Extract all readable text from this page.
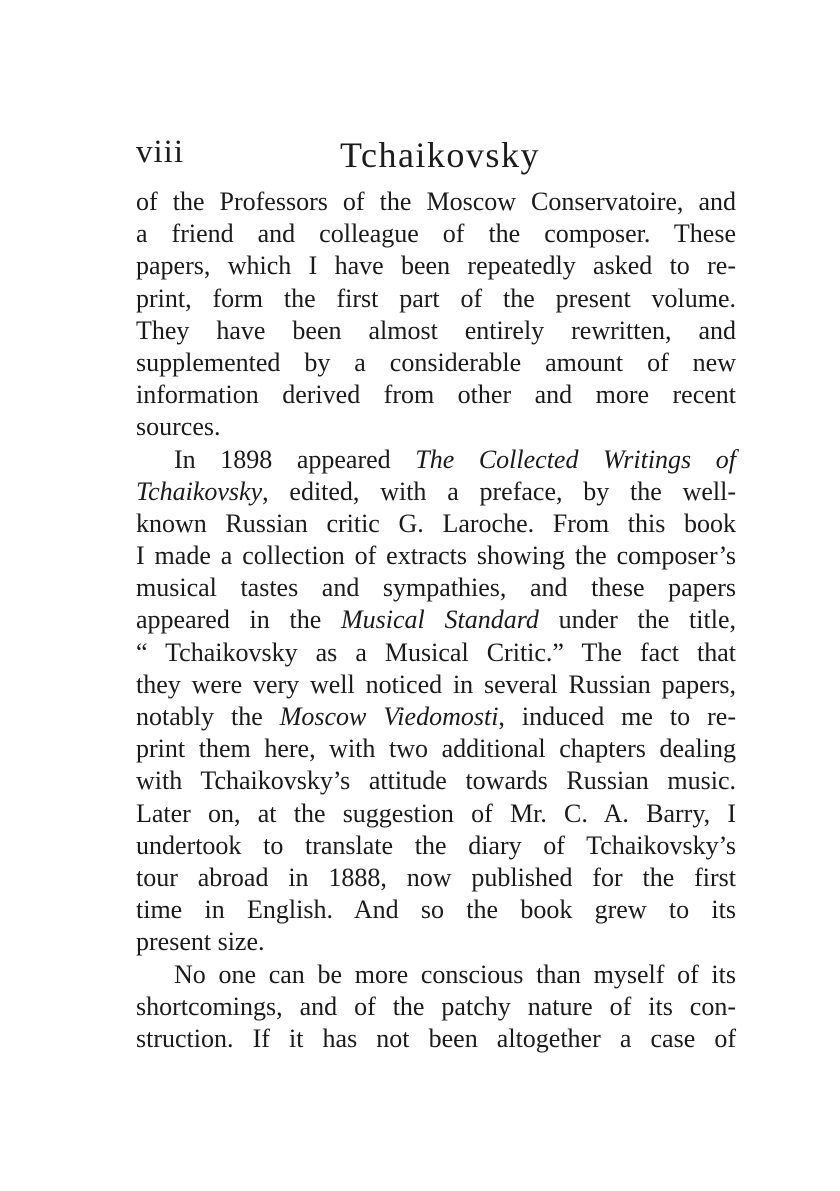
viii	Tchaikovsky
of the Professors of the Moscow Conservatoire, and
a friend and colleague of the composer. These
papers, which I have been repeatedly asked to re-
print, form the first part of the present volume.
They have been almost entirely rewritten, and
supplemented by a considerable amount of new
information derived from other and more recent
sources.
In 1898 appeared The Collected Writings of
Tchaikovsky, edited, with a preface, by the well-
known Russian critic G. Laroche. From this book
I made a collection of extracts showing the composer’s
musical tastes and sympathies, and these papers
appeared in the Musical Standard under the title,
“ Tchaikovsky as a Musical Critic.” The fact that
they were very well noticed in several Russian papers,
notably the Moscow Viedomosti, induced me to re-
print them here, with two additional chapters dealing
with Tchaikovsky’s attitude towards Russian music.
Later on, at the suggestion of Mr. C. A. Barry, I
undertook to translate the diary of Tchaikovsky’s
tour abroad in 1888, now published for the first
time in English. And so the book grew to its
present size.
No one can be more conscious than myself of its
shortcomings, and of the patchy nature of its con-
struction. If it has not been altogether a case of
